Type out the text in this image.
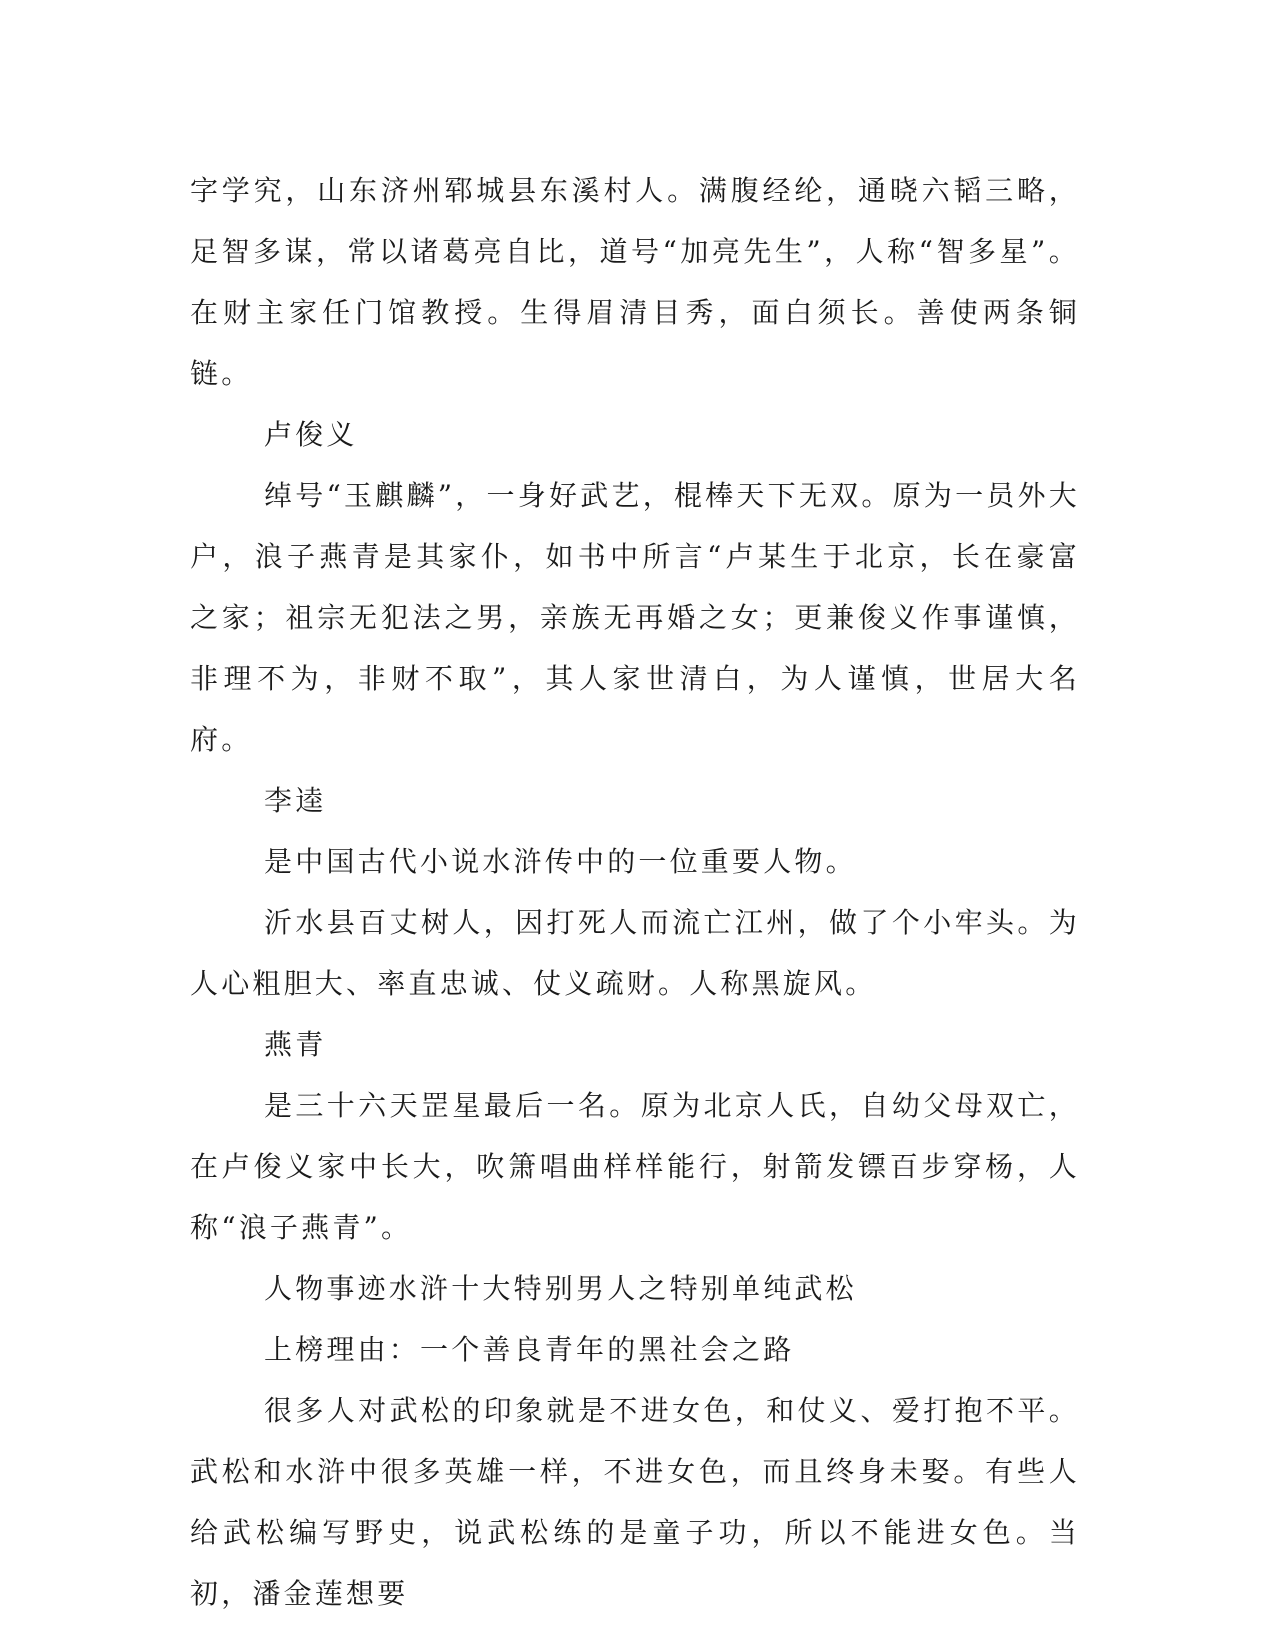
字学究，山东济州郓城县东溪村人。满腹经纶，通晓六韬三略，足智多谋，常以诸葛亮自比，道号“加亮先生”，人称“智多星”。在财主家任门馆教授。生得眉清目秀，面白须长。善使两条铜链。

卢俊义

绰号“玉麒麟”，一身好武艺，棍棒天下无双。原为一员外大户，浪子燕青是其家仆，如书中所言“卢某生于北京，长在豪富之家；祖宗无犯法之男，亲族无再婚之女；更兼俊义作事谨慎，非理不为，非财不取”，其人家世清白，为人谨慎，世居大名府。

李逵

是中国古代小说水浒传中的一位重要人物。

沂水县百丈树人，因打死人而流亡江州，做了个小牢头。为人心粗胆大、率直忠诚、仗义疏财。人称黑旋风。

燕青

是三十六天罡星最后一名。原为北京人氏，自幼父母双亡，在卢俊义家中长大，吹箫唱曲样样能行，射箭发镖百步穿杨，人称“浪子燕青”。

人物事迹水浒十大特别男人之特别单纯武松

上榜理由：一个善良青年的黑社会之路

很多人对武松的印象就是不进女色，和仗义、爱打抱不平。武松和水浒中很多英雄一样，不进女色，而且终身未娶。有些人给武松编写野史，说武松练的是童子功，所以不能进女色。当初，潘金莲想要
